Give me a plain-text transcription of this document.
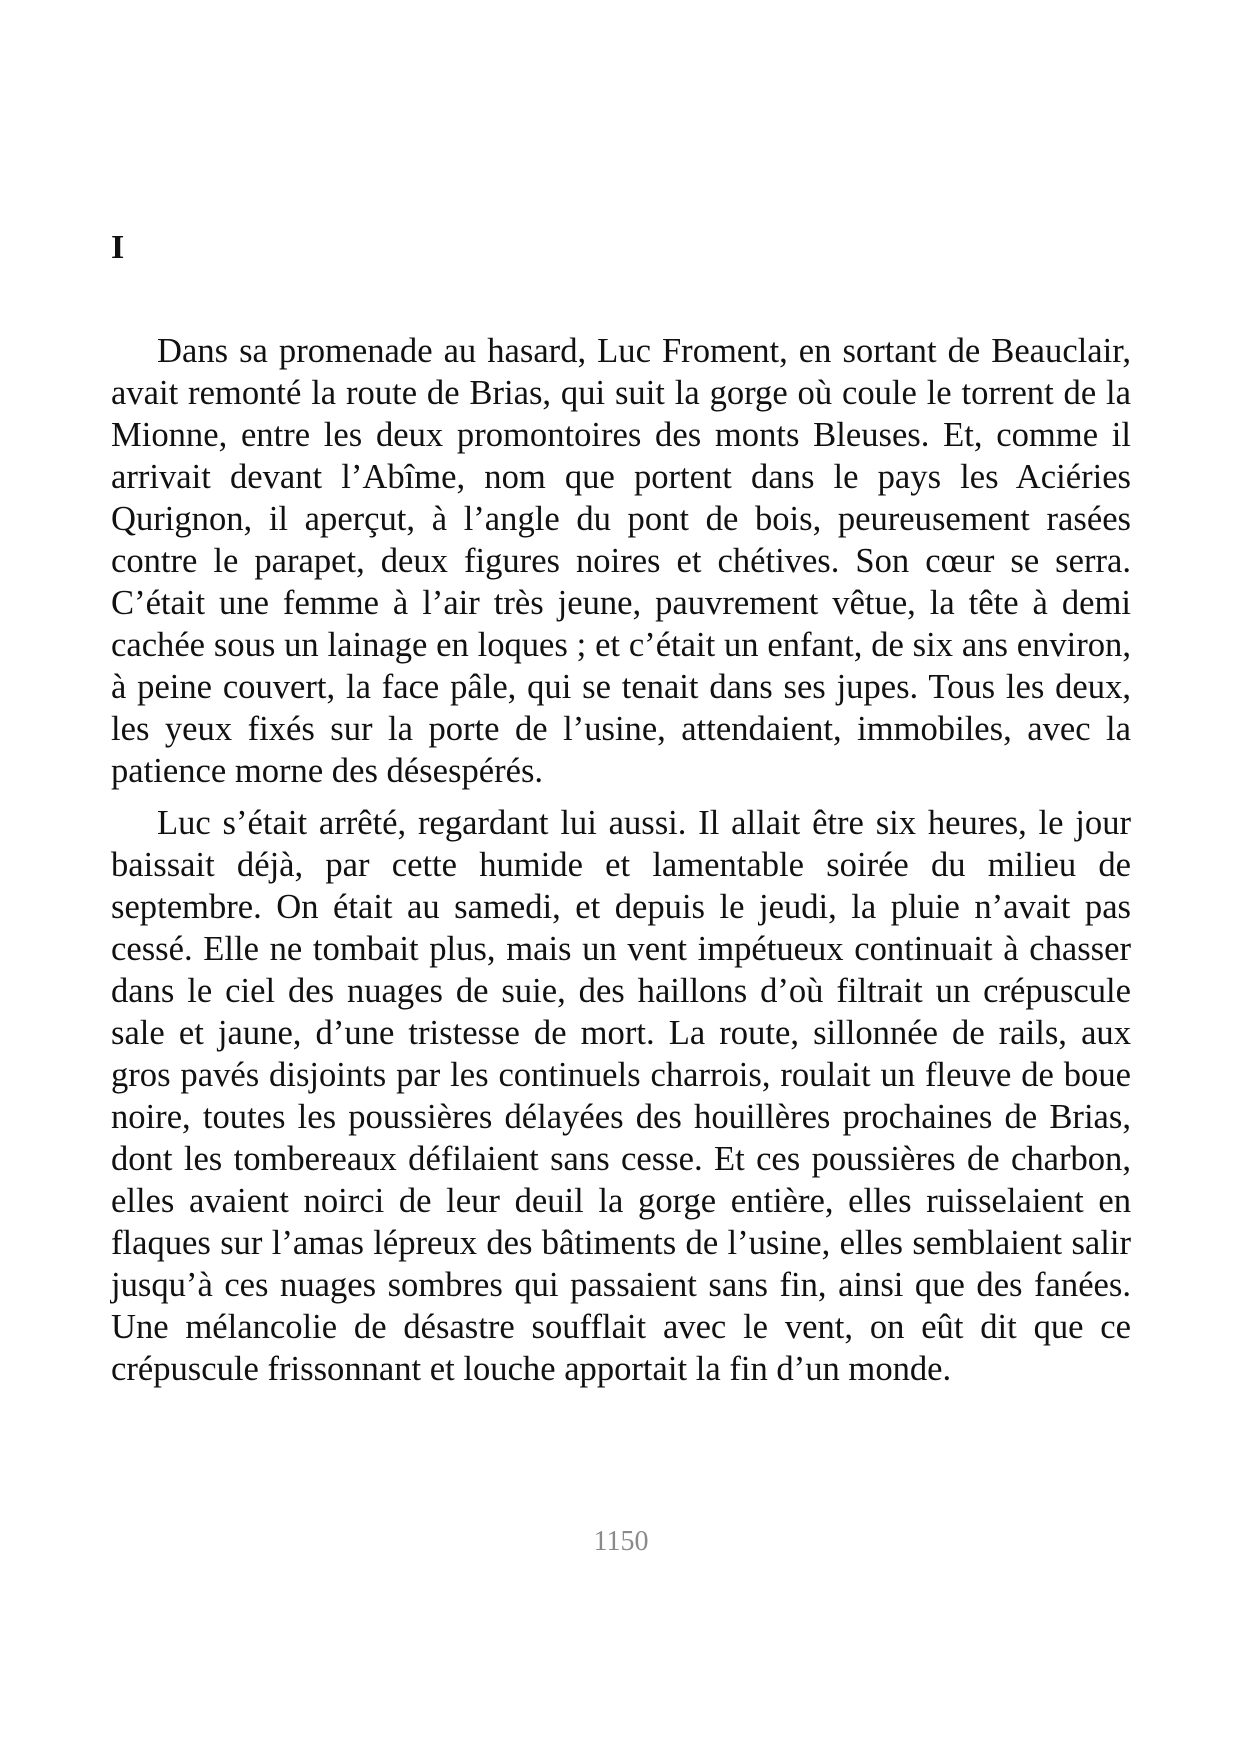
I

Dans sa promenade au hasard, Luc Froment, en sortant de Beauclair, avait remonté la route de Brias, qui suit la gorge où coule le torrent de la Mionne, entre les deux promontoires des monts Bleuses. Et, comme il arrivait devant l’Abîme, nom que portent dans le pays les Aciéries Qurignon, il aperçut, à l’angle du pont de bois, peureusement rasées contre le parapet, deux figures noires et chétives. Son cœur se serra. C’était une femme à l’air très jeune, pauvrement vêtue, la tête à demi cachée sous un lainage en loques ; et c’était un enfant, de six ans environ, à peine couvert, la face pâle, qui se tenait dans ses jupes. Tous les deux, les yeux fixés sur la porte de l’usine, attendaient, immobiles, avec la patience morne des désespérés.

Luc s’était arrêté, regardant lui aussi. Il allait être six heures, le jour baissait déjà, par cette humide et lamentable soirée du milieu de septembre. On était au samedi, et depuis le jeudi, la pluie n’avait pas cessé. Elle ne tombait plus, mais un vent impétueux continuait à chasser dans le ciel des nuages de suie, des haillons d’où filtrait un crépuscule sale et jaune, d’une tristesse de mort. La route, sillonnée de rails, aux gros pavés disjoints par les continuels charrois, roulait un fleuve de boue noire, toutes les poussières délayées des houillères prochaines de Brias, dont les tombereaux défilaient sans cesse. Et ces poussières de charbon, elles avaient noirci de leur deuil la gorge entière, elles ruisselaient en flaques sur l’amas lépreux des bâtiments de l’usine, elles semblaient salir jusqu’à ces nuages sombres qui passaient sans fin, ainsi que des fanées. Une mélancolie de désastre soufflait avec le vent, on eût dit que ce crépuscule frissonnant et louche apportait la fin d’un monde.

1150
